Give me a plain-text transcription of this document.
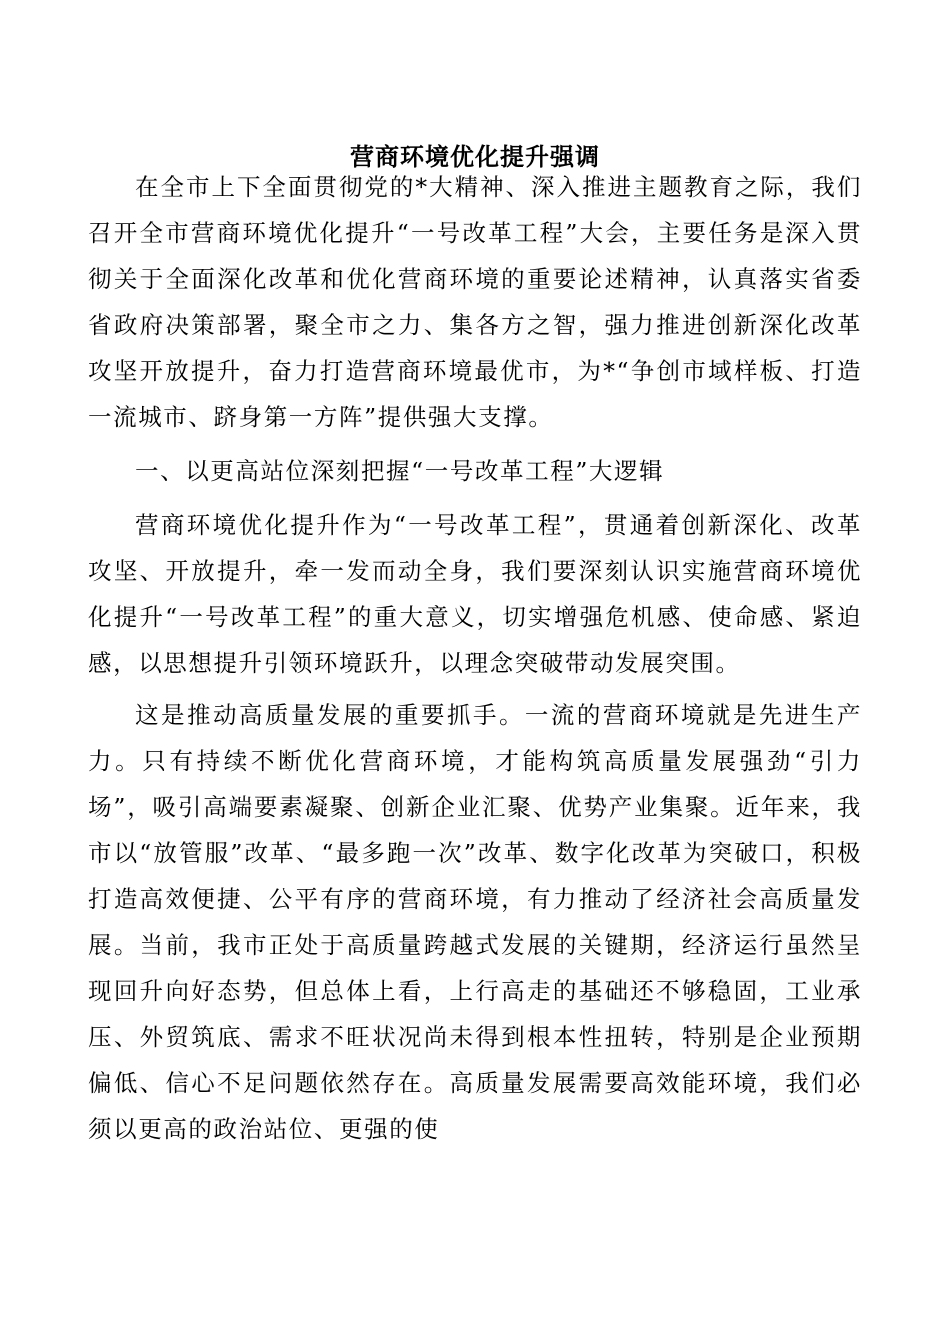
营商环境优化提升强调

在全市上下全面贯彻党的*大精神、深入推进主题教育之际，我们召开全市营商环境优化提升“一号改革工程”大会，主要任务是深入贯彻关于全面深化改革和优化营商环境的重要论述精神，认真落实省委省政府决策部署，聚全市之力、集各方之智，强力推进创新深化改革攻坚开放提升，奋力打造营商环境最优市，为*“争创市域样板、打造一流城市、跻身第一方阵”提供强大支撑。

一、以更高站位深刻把握“一号改革工程”大逻辑

营商环境优化提升作为“一号改革工程”，贯通着创新深化、改革攻坚、开放提升，牵一发而动全身，我们要深刻认识实施营商环境优化提升“一号改革工程”的重大意义，切实增强危机感、使命感、紧迫感，以思想提升引领环境跃升，以理念突破带动发展突围。

这是推动高质量发展的重要抓手。一流的营商环境就是先进生产力。只有持续不断优化营商环境，才能构筑高质量发展强劲“引力场”，吸引高端要素凝聚、创新企业汇聚、优势产业集聚。近年来，我市以“放管服”改革、“最多跑一次”改革、数字化改革为突破口，积极打造高效便捷、公平有序的营商环境，有力推动了经济社会高质量发展。当前，我市正处于高质量跨越式发展的关键期，经济运行虽然呈现回升向好态势，但总体上看，上行高走的基础还不够稳固，工业承压、外贸筑底、需求不旺状况尚未得到根本性扭转，特别是企业预期偏低、信心不足问题依然存在。高质量发展需要高效能环境，我们必须以更高的政治站位、更强的使
